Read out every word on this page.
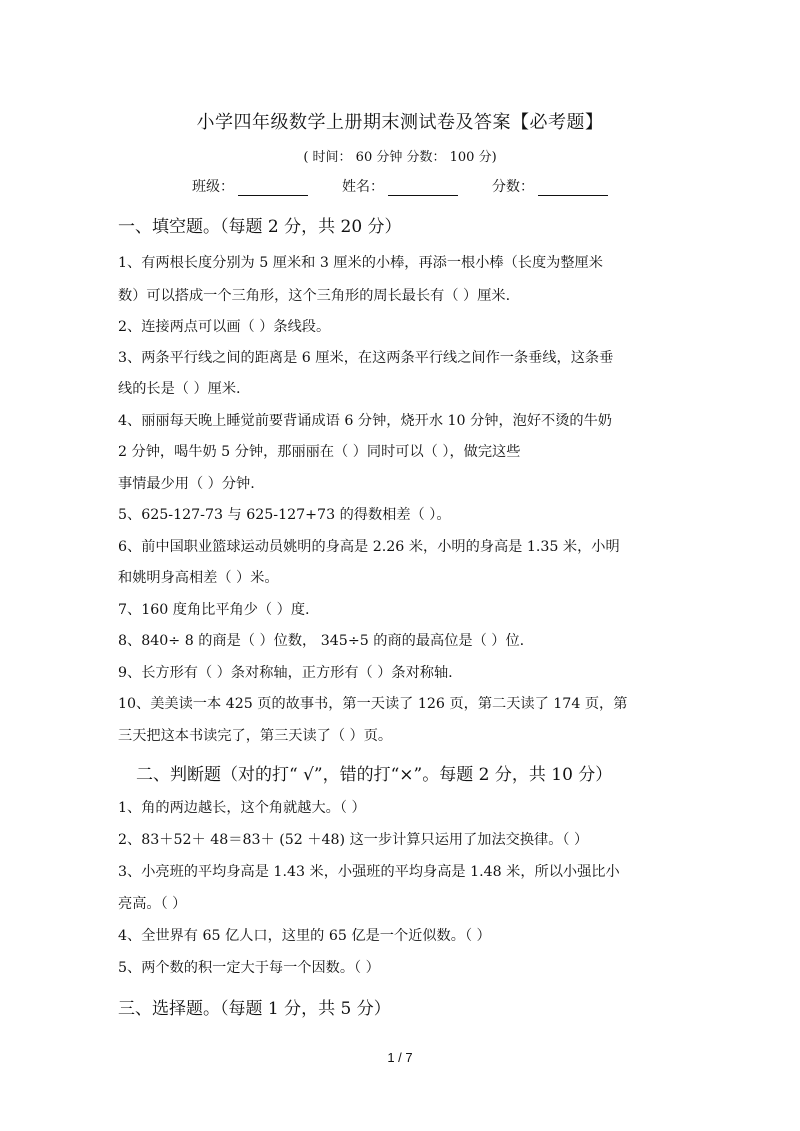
小学四年级数学上册期末测试卷及答案【必考题】
( 时间： 60 分钟 分数： 100 分)
班级：	姓名：	分数：
一、填空题。（每题 2 分，共 20 分）
1、有两根长度分别为 5 厘米和 3 厘米的小棒，再添一根小棒（长度为整厘米
数）可以搭成一个三角形，这个三角形的周长最长有（ ）厘米.
2、连接两点可以画（ ）条线段。
3、两条平行线之间的距离是 6 厘米，在这两条平行线之间作一条垂线，这条垂
线的长是（ ）厘米.
4、丽丽每天晚上睡觉前要背诵成语 6 分钟，烧开水 10 分钟，泡好不烫的牛奶
2 分钟，喝牛奶 5 分钟，那丽丽在（ ）同时可以（ ），做完这些
事情最少用（ ）分钟.
5、625-127-73 与 625-127+73 的得数相差（ ）。
6、前中国职业篮球运动员姚明的身高是 2.26 米，小明的身高是 1.35 米，小明
和姚明身高相差（ ）米。
7、160 度角比平角少（ ）度.
8、840÷ 8 的商是（ ）位数， 345÷5 的商的最高位是（ ）位.
9、长方形有（ ）条对称轴，正方形有（ ）条对称轴.
10、美美读一本 425 页的故事书，第一天读了 126 页，第二天读了 174 页，第
三天把这本书读完了，第三天读了（ ）页。
二、判断题（对的打“ √”，错的打“×”。每题 2 分，共 10 分）
1、角的两边越长，这个角就越大。（ ）
2、83＋52＋ 48＝83＋ (52 ＋48) 这一步计算只运用了加法交换律。（ ）
3、小亮班的平均身高是 1.43 米，小强班的平均身高是 1.48 米，所以小强比小
亮高。（ ）
4、全世界有 65 亿人口，这里的 65 亿是一个近似数。（ ）
5、两个数的积一定大于每一个因数。（ ）
三、选择题。（每题 1 分，共 5 分）
1 / 7
